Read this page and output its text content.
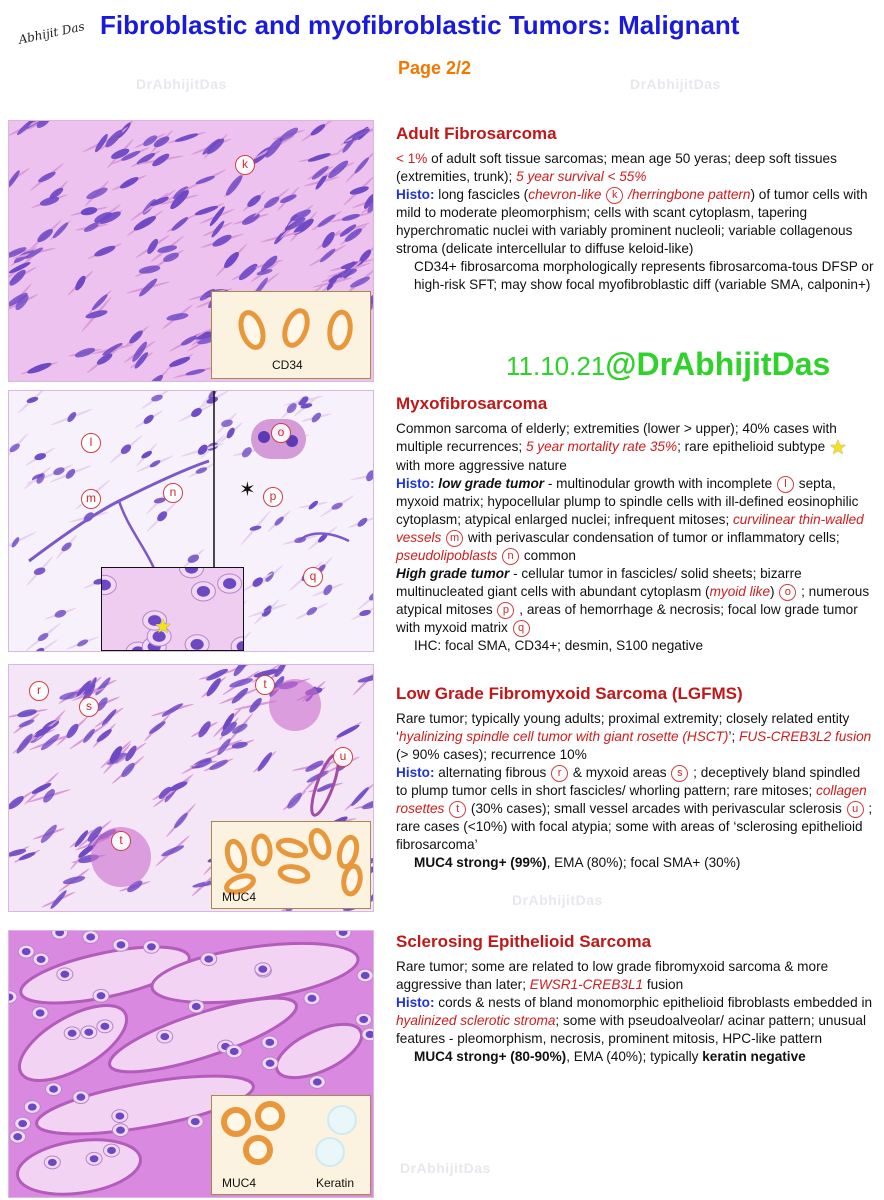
Abhijit Das Fibroblastic and myofibroblastic Tumors: Malignant
Page 2/2
DrAbhijitDas	DrAbhijitDas
DrAbhijitDas
DrAbhijitDas
k
CD34
✶
★
l
m	n
o
p
q
r
s
t
u
t
MUC4
MUC4	Keratin
Adult Fibrosarcoma
< 1% of adult soft tissue sarcomas; mean age 50 yeras; deep soft tissues (extremities, trunk); 5 year survival < 55%
Histo: long fascicles (chevron-like k /herringbone pattern) of tumor cells with mild to moderate pleomorphism; cells with scant cytoplasm, tapering hyperchromatic nuclei with variably prominent nucleoli; variable collagenous stroma (delicate intercellular to diffuse keloid-like)
CD34+ fibrosarcoma morphologically represents fibrosarcoma-tous DFSP or high-risk SFT; may show focal myofibroblastic diff (variable SMA, calponin+)
11.10.21@DrAbhijitDas
Myxofibrosarcoma
Common sarcoma of elderly; extremities (lower > upper); 40% cases with multiple recurrences; 5 year mortality rate 35%; rare epithelioid subtype ★ with more aggressive nature
Histo: low grade tumor - multinodular growth with incomplete l septa, myxoid matrix; hypocellular plump to spindle cells with ill-defined eosinophilic cytoplasm; atypical enlarged nuclei; infrequent mitoses; curvilinear thin-walled vessels m with perivascular condensation of tumor or inflammatory cells; pseudolipoblasts n common
High grade tumor - cellular tumor in fascicles/ solid sheets; bizarre multinucleated giant cells with abundant cytoplasm (myoid like) o ; numerous atypical mitoses p , areas of hemorrhage & necrosis; focal low grade tumor with myxoid matrix q
IHC: focal SMA, CD34+; desmin, S100 negative
Low Grade Fibromyxoid Sarcoma (LGFMS)
Rare tumor; typically young adults; proximal extremity; closely related entity ‘hyalinizing spindle cell tumor with giant rosette (HSCT)’; FUS-CREB3L2 fusion (> 90% cases); recurrence 10%
Histo: alternating fibrous r & myxoid areas s ; deceptively bland spindled to plump tumor cells in short fascicles/ whorling pattern; rare mitoses; collagen rosettes t (30% cases); small vessel arcades with perivascular sclerosis u ; rare cases (<10%) with focal atypia; some with areas of ‘sclerosing epithelioid fibrosarcoma’
MUC4 strong+ (99%), EMA (80%); focal SMA+ (30%)
Sclerosing Epithelioid Sarcoma
Rare tumor; some are related to low grade fibromyxoid sarcoma & more aggressive than later; EWSR1-CREB3L1 fusion
Histo: cords & nests of bland monomorphic epithelioid fibroblasts embedded in hyalinized sclerotic stroma; some with pseudoalveolar/ acinar pattern; unusual features - pleomorphism, necrosis, prominent mitosis, HPC-like pattern
MUC4 strong+ (80-90%), EMA (40%); typically keratin negative
